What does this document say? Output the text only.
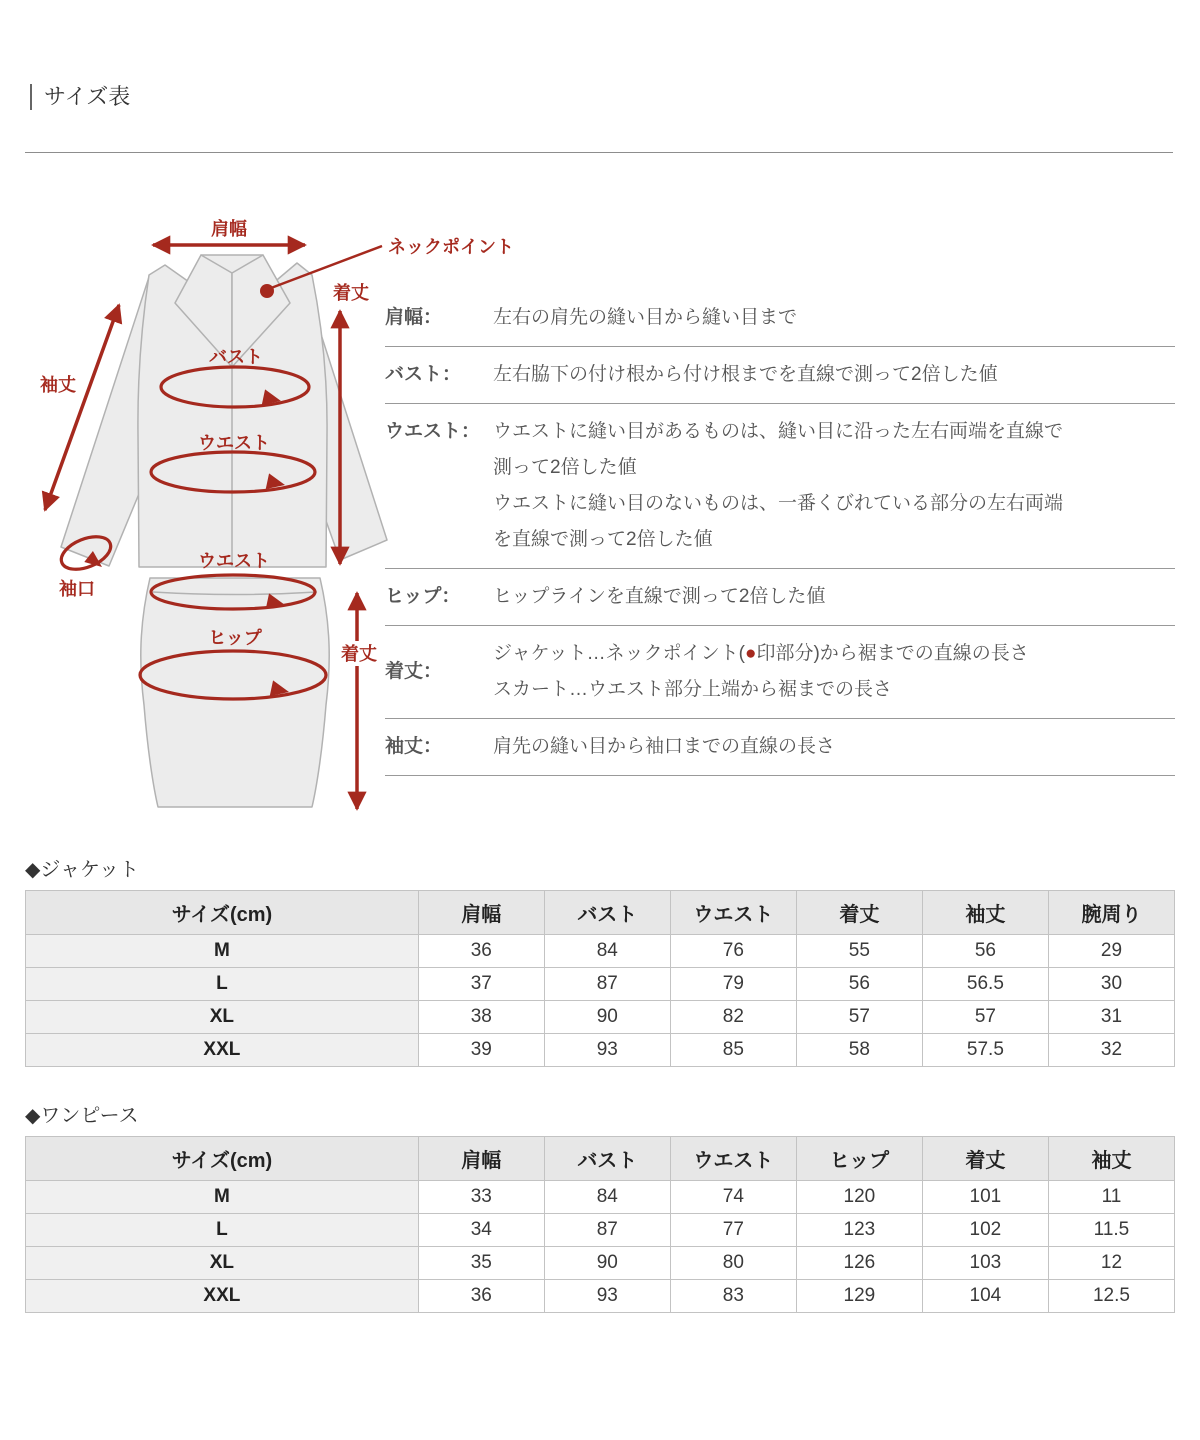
サイズ表
肩幅
ネックポイント
着丈
袖丈
バスト
ウエスト
袖口
ウエスト
ヒップ
着丈
肩幅：	左右の肩先の縫い目から縫い目まで
バスト：	左右脇下の付け根から付け根までを直線で測って2倍した値
ウエスト： ウエストに縫い目があるものは、縫い目に沿った左右両端を直線で
測って2倍した値
ウエストに縫い目のないものは、一番くびれている部分の左右両端
を直線で測って2倍した値
ヒップ：	ヒップラインを直線で測って2倍した値
着丈：
ジャケット…ネックポイント(●印部分)から裾までの直線の長さ
スカート…ウエスト部分上端から裾までの長さ
袖丈：	肩先の縫い目から袖口までの直線の長さ
◆ジャケット
サイズ(cm)	肩幅	バスト	ウエスト	着丈	袖丈	腕周り
M	36	84	76	55	56	29
L	37	87	79	56	56.5	30
XL	38	90	82	57	57	31
XXL	39	93	85	58	57.5	32
◆ワンピース
サイズ(cm)	肩幅	バスト	ウエスト	ヒップ	着丈	袖丈
M	33	84	74	120	101	11
L	34	87	77	123	102	11.5
XL	35	90	80	126	103	12
XXL	36	93	83	129	104	12.5
